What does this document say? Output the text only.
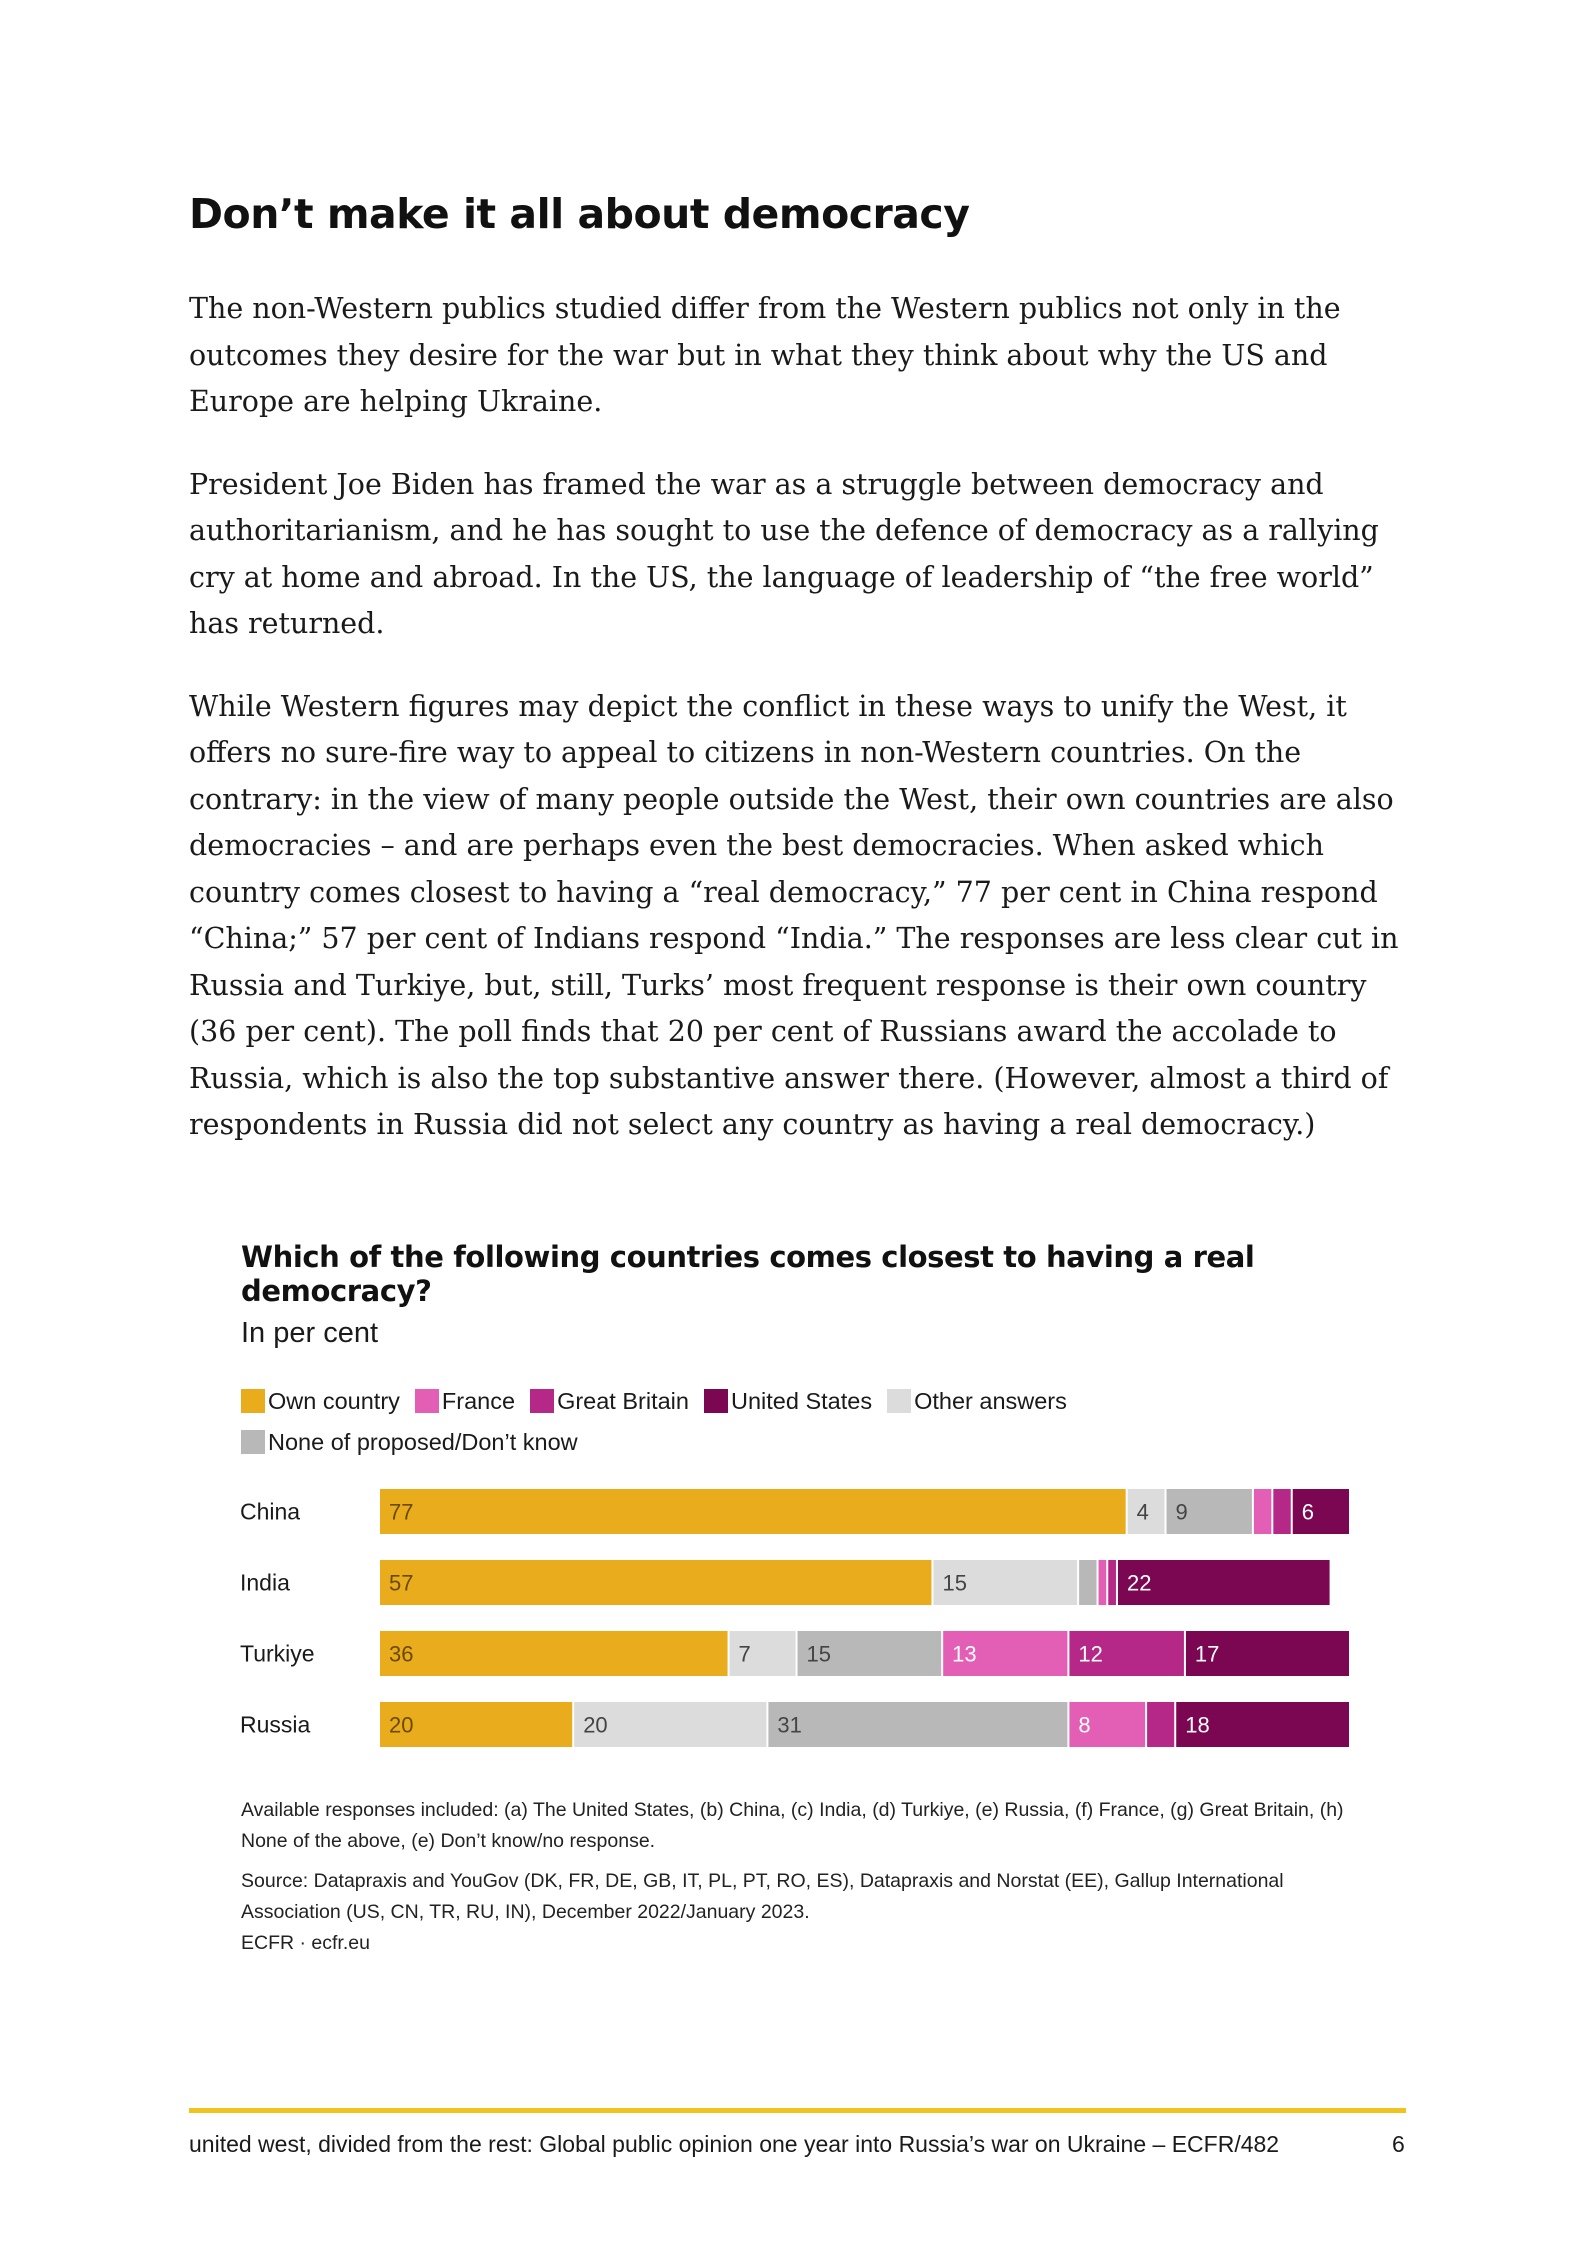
Don’t make it all about democracy

The non-Western publics studied differ from the Western publics not only in the outcomes they desire for the war but in what they think about why the US and Europe are helping Ukraine.

President Joe Biden has framed the war as a struggle between democracy and authoritarianism, and he has sought to use the defence of democracy as a rallying cry at home and abroad. In the US, the language of leadership of “the free world” has returned.

While Western figures may depict the conflict in these ways to unify the West, it offers no sure-fire way to appeal to citizens in non-Western countries. On the contrary: in the view of many people outside the West, their own countries are also democracies – and are perhaps even the best democracies. When asked which country comes closest to having a “real democracy,” 77 per cent in China respond “China;” 57 per cent of Indians respond “India.” The responses are less clear cut in Russia and Turkiye, but, still, Turks’ most frequent response is their own country (36 per cent). The poll finds that 20 per cent of Russians award the accolade to Russia, which is also the top substantive answer there. (However, almost a third of respondents in Russia did not select any country as having a real democracy.)

Which of the following countries comes closest to having a real democracy?
In per cent
Own country France Great Britain United States Other answersNone of proposed/Don’t know
China	77	4 9	6
India	57	15	22
Turkiye	36	7	15	13	12	17
Russia	20	20	31	8	18
Available responses included: (a) The United States, (b) China, (c) India, (d) Turkiye, (e) Russia, (f) France, (g) Great Britain, (h) None of the above, (e) Don’t know/no response.
Source: Datapraxis and YouGov (DK, FR, DE, GB, IT, PL, PT, RO, ES), Datapraxis and Norstat (EE), Gallup International Association (US, CN, TR, RU, IN), December 2022/January 2023.
ECFR · ecfr.eu
united west, divided from the rest: Global public opinion one year into Russia’s war on Ukraine – ECFR/482	6
